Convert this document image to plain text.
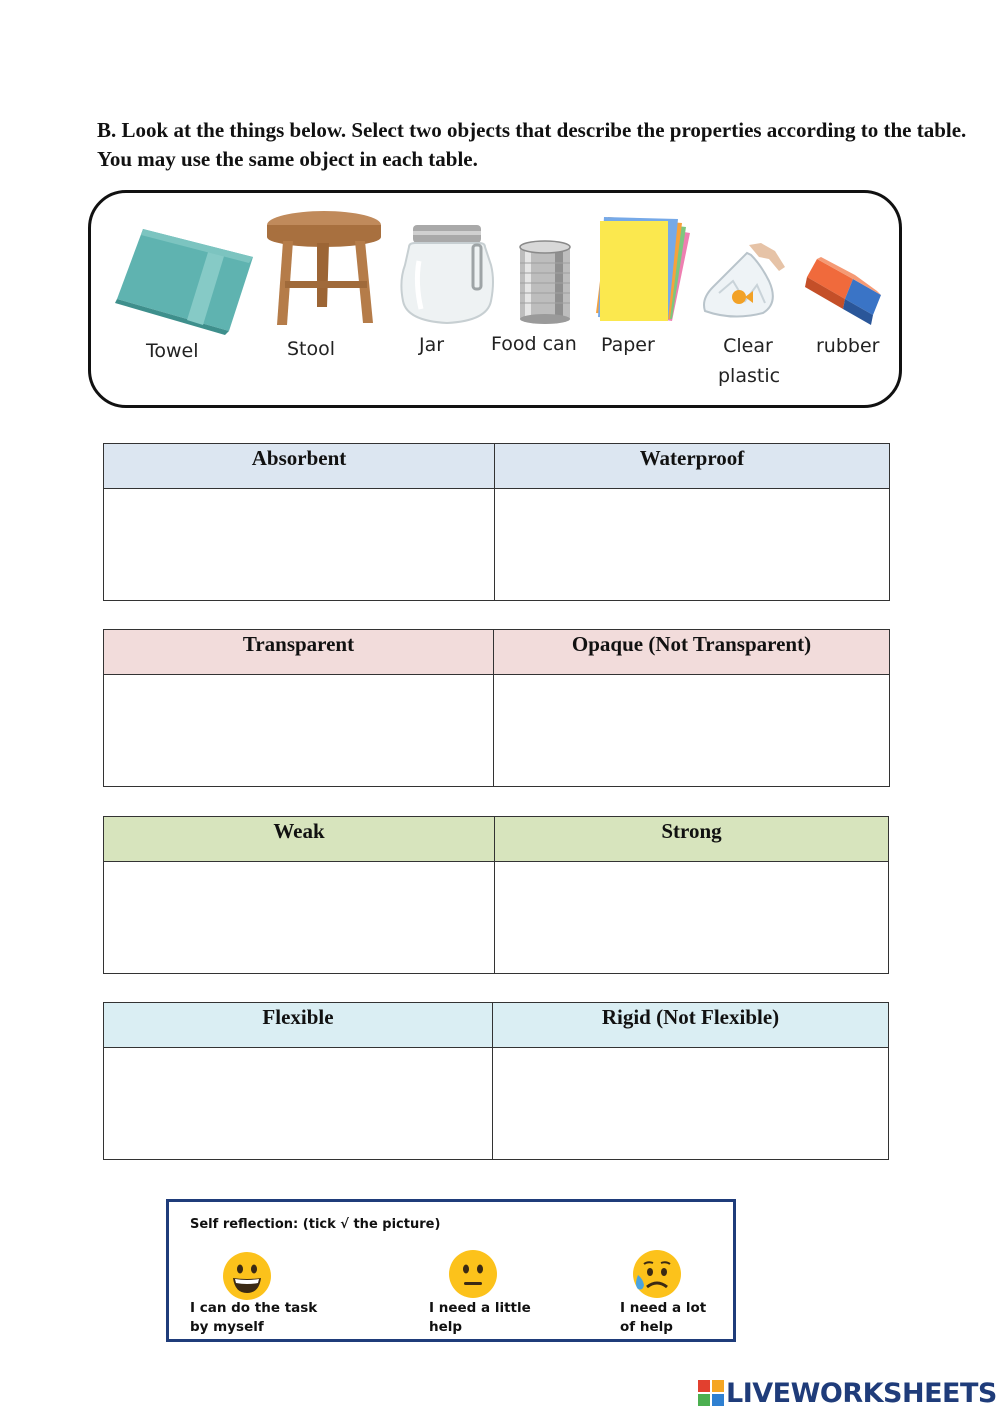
B. Look at the things below. Select two objects that describe the properties according to the table. You may use the same object in each table.
Towel	Stool	Jar Food can Paper	Clear plastic
rubber
Absorbent	Waterproof

Transparent	Opaque (Not Transparent)

Weak	Strong

Flexible	Rigid (Not Flexible)

Self reflection: (tick √ the picture)
I can do the task
by myself
I need a little
help
I need a lot
of help
LIVEWORKSHEETS
